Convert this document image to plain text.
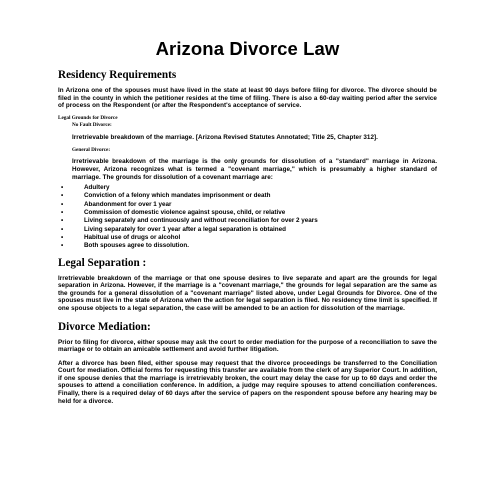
Arizona Divorce Law
Residency Requirements
In Arizona one of the spouses must have lived in the state at least 90 days before filing for divorce. The divorce should be filed in the county in which the petitioner resides at the time of filing. There is also a 60-day waiting period after the service of process on the Respondent (or after the Respondent's acceptance of service.
Legal Grounds for Divorce
No Fault Divorce:
Irretrievable breakdown of the marriage. [Arizona Revised Statutes Annotated; Title 25, Chapter 312].
General Divorce:
Irretrievable breakdown of the marriage is the only grounds for dissolution of a "standard" marriage in Arizona. However, Arizona recognizes what is termed a "covenant marriage," which is presumably a higher standard of marriage. The grounds for dissolution of a covenant marriage are:
•	Adultery
•	Conviction of a felony which mandates imprisonment or death
•	Abandonment for over 1 year
•	Commission of domestic violence against spouse, child, or relative
•	Living separately and continuously and without reconciliation for over 2 years
•	Living separately for over 1 year after a legal separation is obtained
•	Habitual use of drugs or alcohol
•	Both spouses agree to dissolution.
Legal Separation :
Irretrievable breakdown of the marriage or that one spouse desires to live separate and apart are the grounds for legal separation in Arizona. However, if the marriage is a "covenant marriage," the grounds for legal separation are the same as the grounds for a general dissolution of a "covenant marriage" listed above, under Legal Grounds for Divorce. One of the spouses must live in the state of Arizona when the action for legal separation is filed. No residency time limit is specified. If one spouse objects to a legal separation, the case will be amended to be an action for dissolution of the marriage.
Divorce Mediation:
Prior to filing for divorce, either spouse may ask the court to order mediation for the purpose of a reconciliation to save the marriage or to obtain an amicable settlement and avoid further litigation.
After a divorce has been filed, either spouse may request that the divorce proceedings be transferred to the Conciliation Court for mediation. Official forms for requesting this transfer are available from the clerk of any Superior Court. In addition, if one spouse denies that the marriage is irretrievably broken, the court may delay the case for up to 60 days and order the spouses to attend a conciliation conference. In addition, a judge may require spouses to attend conciliation conferences. Finally, there is a required delay of 60 days after the service of papers on the respondent spouse before any hearing may be held for a divorce.
